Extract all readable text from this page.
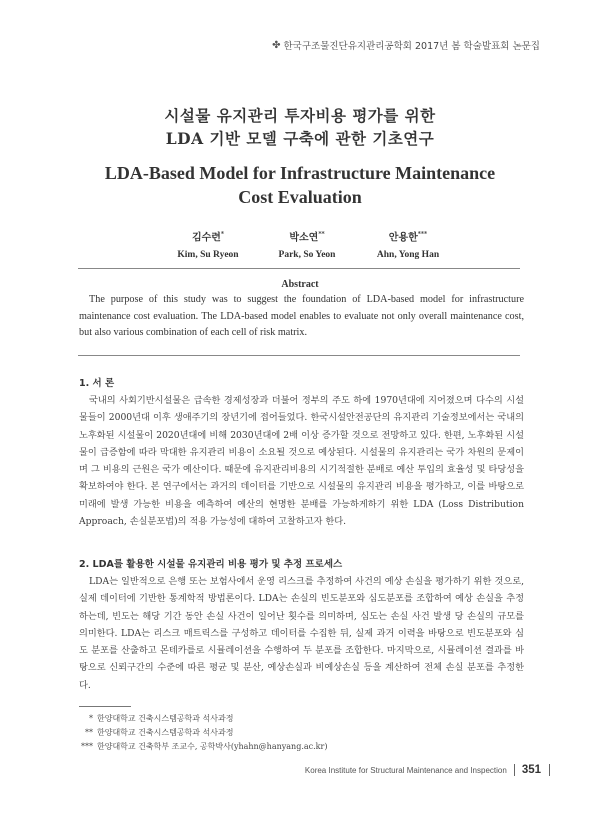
✤ 한국구조물진단유지관리공학회 2017년 봄 학술발표회 논문집
시설물 유지관리 투자비용 평가를 위한
LDA 기반 모델 구축에 관한 기초연구
LDA-Based Model for Infrastructure Maintenance
Cost Evaluation
김수련*
Kim, Su Ryeon
박소연**
Park, So Yeon
안용한***
Ahn, Yong Han
Abstract
The purpose of this study was to suggest the foundation of LDA-based model for infrastructure maintenance cost evaluation. The LDA-based model enables to evaluate not only overall maintenance cost, but also various combination of each cell of risk matrix.
1. 서 론
국내의 사회기반시설물은 급속한 경제성장과 더불어 정부의 주도 하에 1970년대에 지어졌으며 다수의 시설물들이 2000년대 이후 생애주기의 장년기에 접어들었다. 한국시설안전공단의 유지관리 기술정보에서는 국내의 노후화된 시설물이 2020년대에 비해 2030년대에 2배 이상 증가할 것으로 전망하고 있다. 한편, 노후화된 시설물이 급증함에 따라 막대한 유지관리 비용이 소요될 것으로 예상된다. 시설물의 유지관리는 국가 차원의 문제이며 그 비용의 근원은 국가 예산이다. 때문에 유지관리비용의 시기적절한 분배로 예산 투입의 효율성 및 타당성을 확보하여야 한다. 본 연구에서는 과거의 데이터를 기반으로 시설물의 유지관리 비용을 평가하고, 이를 바탕으로 미래에 발생 가능한 비용을 예측하여 예산의 현명한 분배를 가능하게하기 위한 LDA (Loss Distribution Approach, 손실분포법)의 적용 가능성에 대하여 고찰하고자 한다.
2. LDA를 활용한 시설물 유지관리 비용 평가 및 추정 프로세스
LDA는 일반적으로 은행 또는 보험사에서 운영 리스크를 추정하여 사건의 예상 손실을 평가하기 위한 것으로, 실제 데이터에 기반한 통계학적 방법론이다. LDA는 손실의 빈도분포와 심도분포를 조합하여 예상 손실을 추정하는데, 빈도는 해당 기간 동안 손실 사건이 일어난 횟수를 의미하며, 심도는 손실 사건 발생 당 손실의 규모를 의미한다. LDA는 리스크 매트릭스를 구성하고 데이터를 수집한 뒤, 실제 과거 이력을 바탕으로 빈도분포와 심도 분포를 산출하고 몬테카를로 시뮬레이션을 수행하여 두 분포를 조합한다. 마지막으로, 시뮬레이션 결과를 바탕으로 신뢰구간의 수준에 따른 평균 및 분산, 예상손실과 비예상손실 등을 계산하여 전체 손실 분포를 추정한다.
* 한양대학교 건축시스템공학과 석사과정
** 한양대학교 건축시스템공학과 석사과정
*** 한양대학교 건축학부 조교수, 공학박사(yhahn@hanyang.ac.kr)
Korea Institute for Structural Maintenance and Inspection 351
